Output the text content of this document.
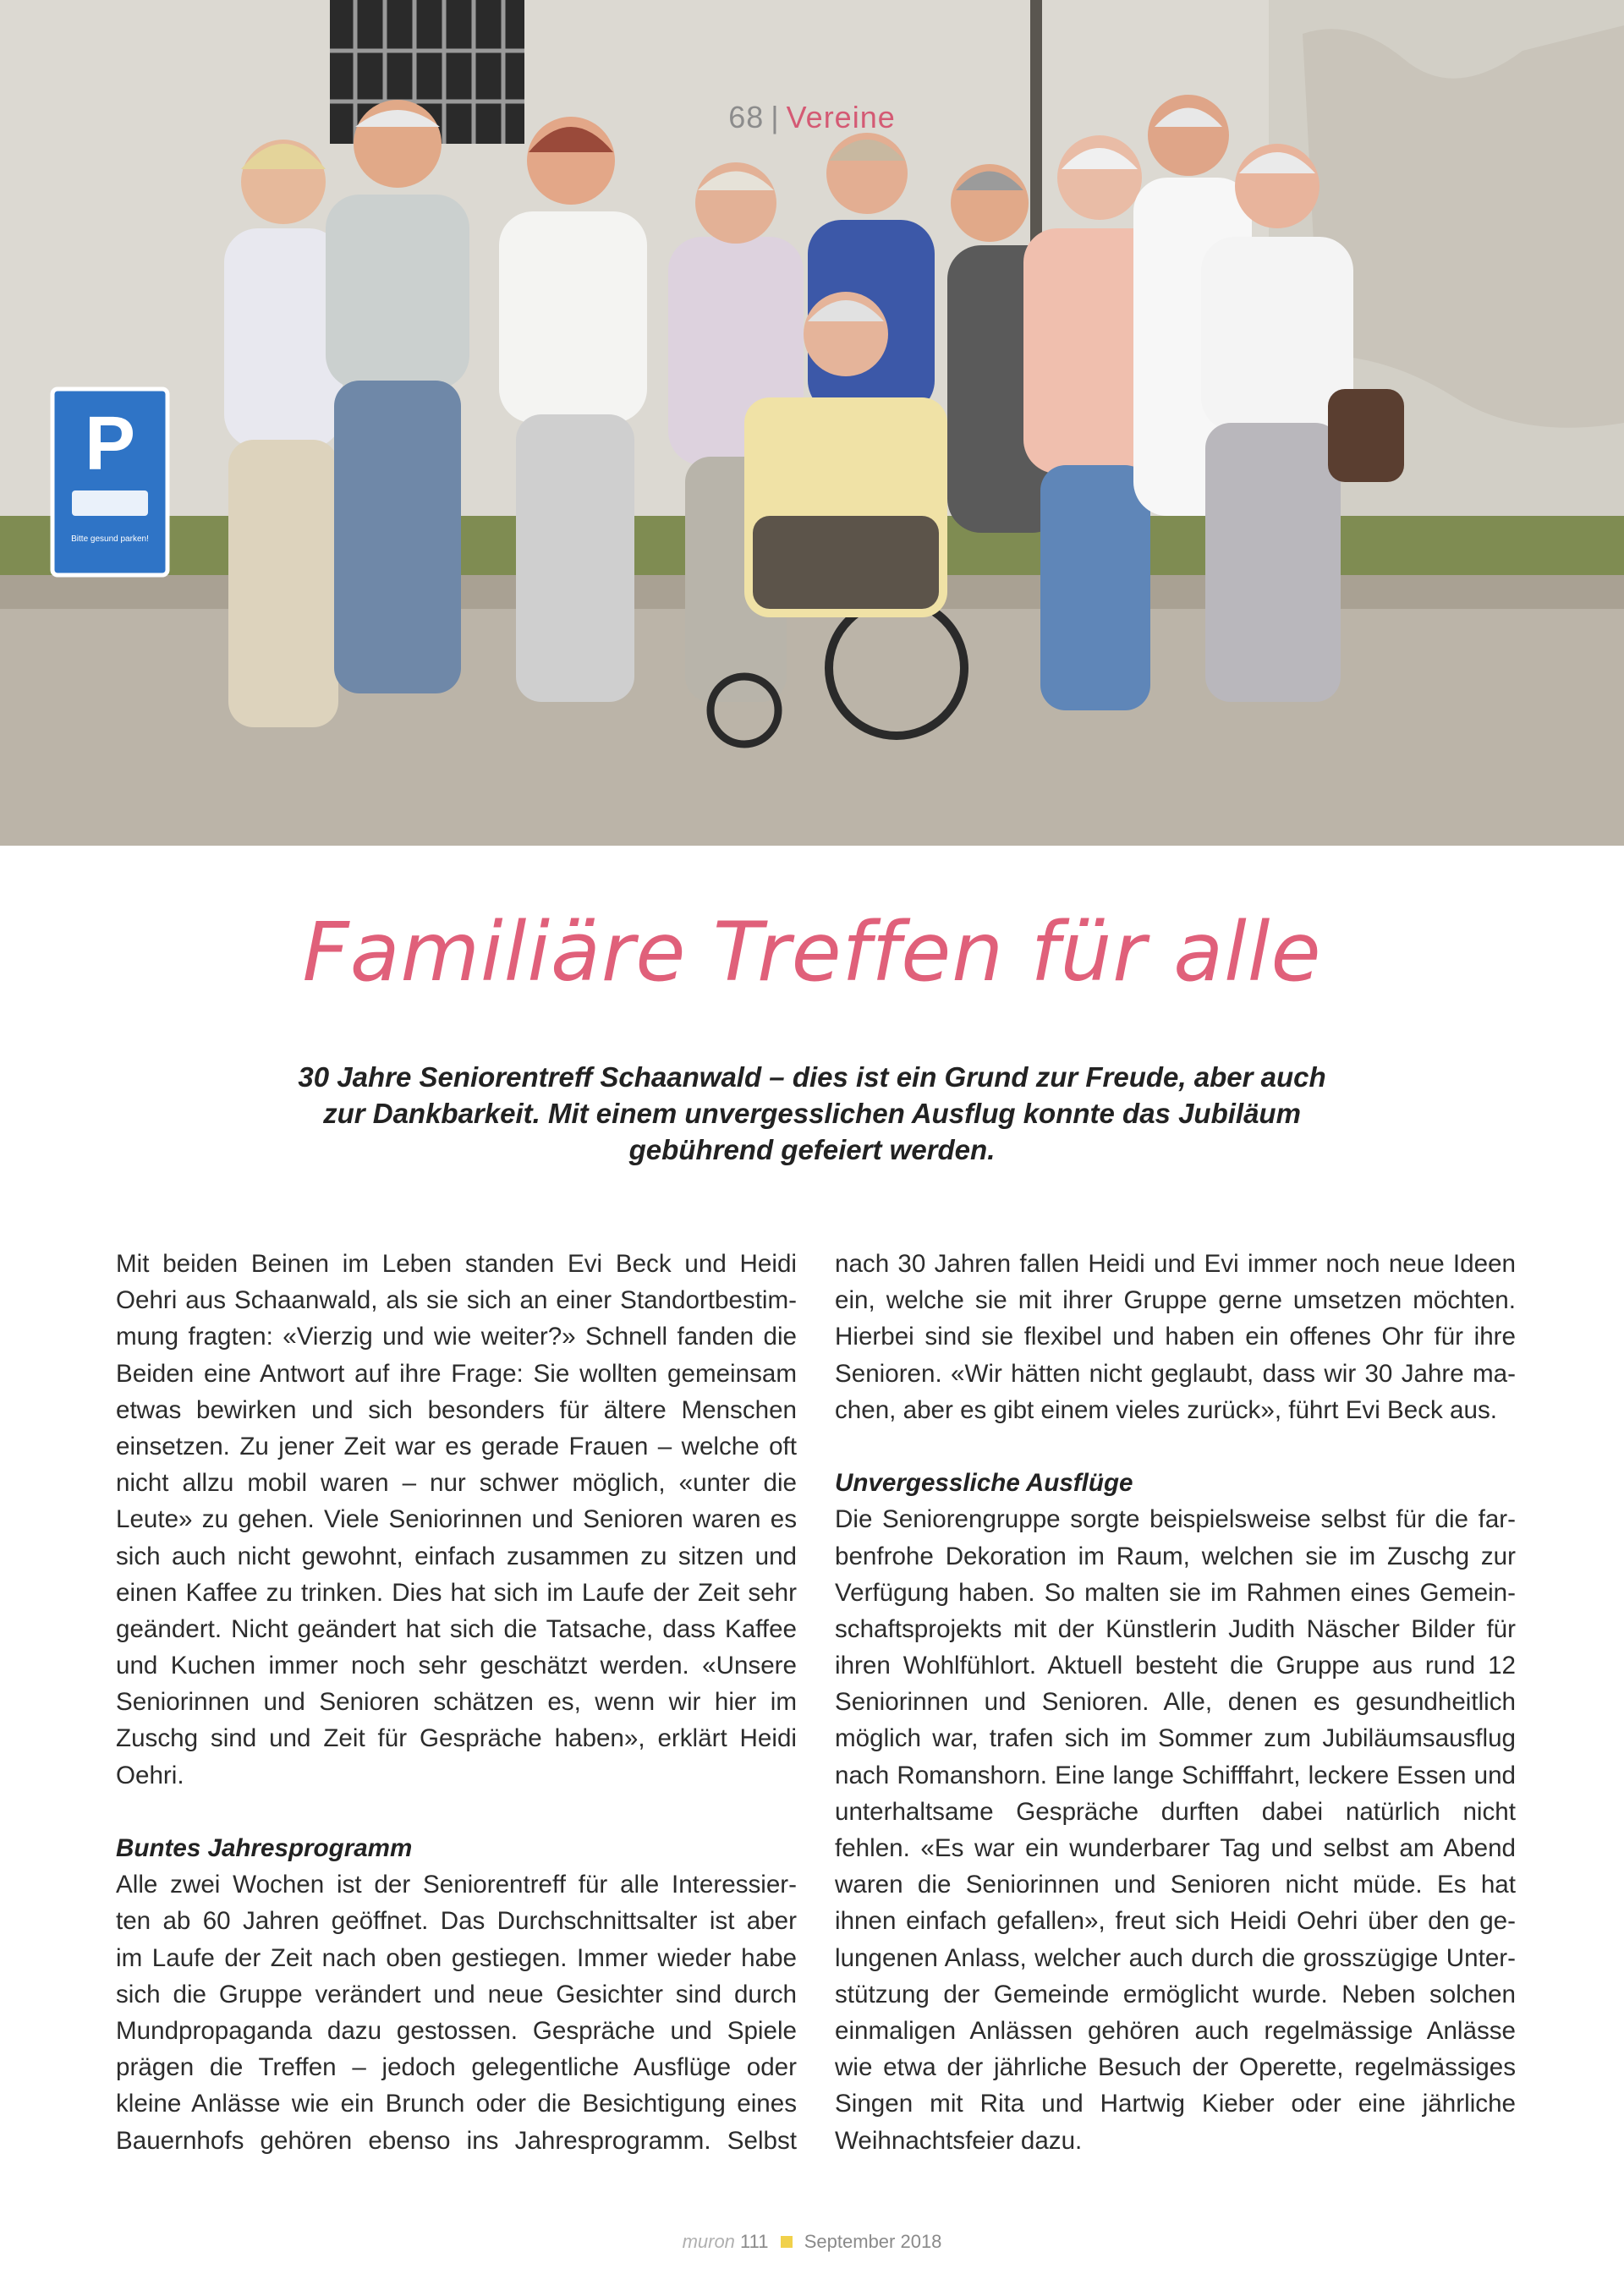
P
Bitte gesund parken!
68 | Vereine
Familiäre Treffen für alle
30 Jahre Seniorentreff Schaanwald – dies ist ein Grund zur Freude, aber auch
zur Dankbarkeit. Mit einem unvergesslichen Ausflug konnte das Jubiläum
gebührend gefeiert werden.
Mit beiden Beinen im Leben standen Evi Beck und Heidi
Oehri aus Schaanwald, als sie sich an einer Standortbestim-
mung fragten: «Vierzig und wie weiter?» Schnell fanden die
Beiden eine Antwort auf ihre Frage: Sie wollten gemeinsam
etwas bewirken und sich besonders für ältere Menschen
einsetzen. Zu jener Zeit war es gerade Frauen – welche oft
nicht allzu mobil waren – nur schwer möglich, «unter die
Leute» zu gehen. Viele Seniorinnen und Senioren waren es
sich auch nicht gewohnt, einfach zusammen zu sitzen und
einen Kaffee zu trinken. Dies hat sich im Laufe der Zeit sehr
geändert. Nicht geändert hat sich die Tatsache, dass Kaffee
und Kuchen immer noch sehr geschätzt werden. «Unsere
Seniorinnen und Senioren schätzen es, wenn wir hier im
Zuschg sind und Zeit für Gespräche haben», erklärt Heidi
Oehri.
Buntes Jahresprogramm
Alle zwei Wochen ist der Seniorentreff für alle Interessier-
ten ab 60 Jahren geöffnet. Das Durchschnittsalter ist aber
im Laufe der Zeit nach oben gestiegen. Immer wieder habe
sich die Gruppe verändert und neue Gesichter sind durch
Mundpropaganda dazu gestossen. Gespräche und Spiele
prägen die Treffen – jedoch gelegentliche Ausflüge oder
kleine Anlässe wie ein Brunch oder die Besichtigung eines
Bauernhofs gehören ebenso ins Jahresprogramm. Selbst
nach 30 Jahren fallen Heidi und Evi immer noch neue Ideen
ein, welche sie mit ihrer Gruppe gerne umsetzen möchten.
Hierbei sind sie flexibel und haben ein offenes Ohr für ihre
Senioren. «Wir hätten nicht geglaubt, dass wir 30 Jahre ma-
chen, aber es gibt einem vieles zurück», führt Evi Beck aus.
Unvergessliche Ausflüge
Die Seniorengruppe sorgte beispielsweise selbst für die far-
benfrohe Dekoration im Raum, welchen sie im Zuschg zur
Verfügung haben. So malten sie im Rahmen eines Gemein-
schaftsprojekts mit der Künstlerin Judith Näscher Bilder für
ihren Wohlfühlort. Aktuell besteht die Gruppe aus rund 12
Seniorinnen und Senioren. Alle, denen es gesundheitlich
möglich war, trafen sich im Sommer zum Jubiläumsausflug
nach Romanshorn. Eine lange Schifffahrt, leckere Essen und
unterhaltsame Gespräche durften dabei natürlich nicht
fehlen. «Es war ein wunderbarer Tag und selbst am Abend
waren die Seniorinnen und Senioren nicht müde. Es hat
ihnen einfach gefallen», freut sich Heidi Oehri über den ge-
lungenen Anlass, welcher auch durch die grosszügige Unter-
stützung der Gemeinde ermöglicht wurde. Neben solchen
einmaligen Anlässen gehören auch regelmässige Anlässe
wie etwa der jährliche Besuch der Operette, regelmässiges
Singen mit Rita und Hartwig Kieber oder eine jährliche
Weihnachtsfeier dazu.
muron 111 September 2018
